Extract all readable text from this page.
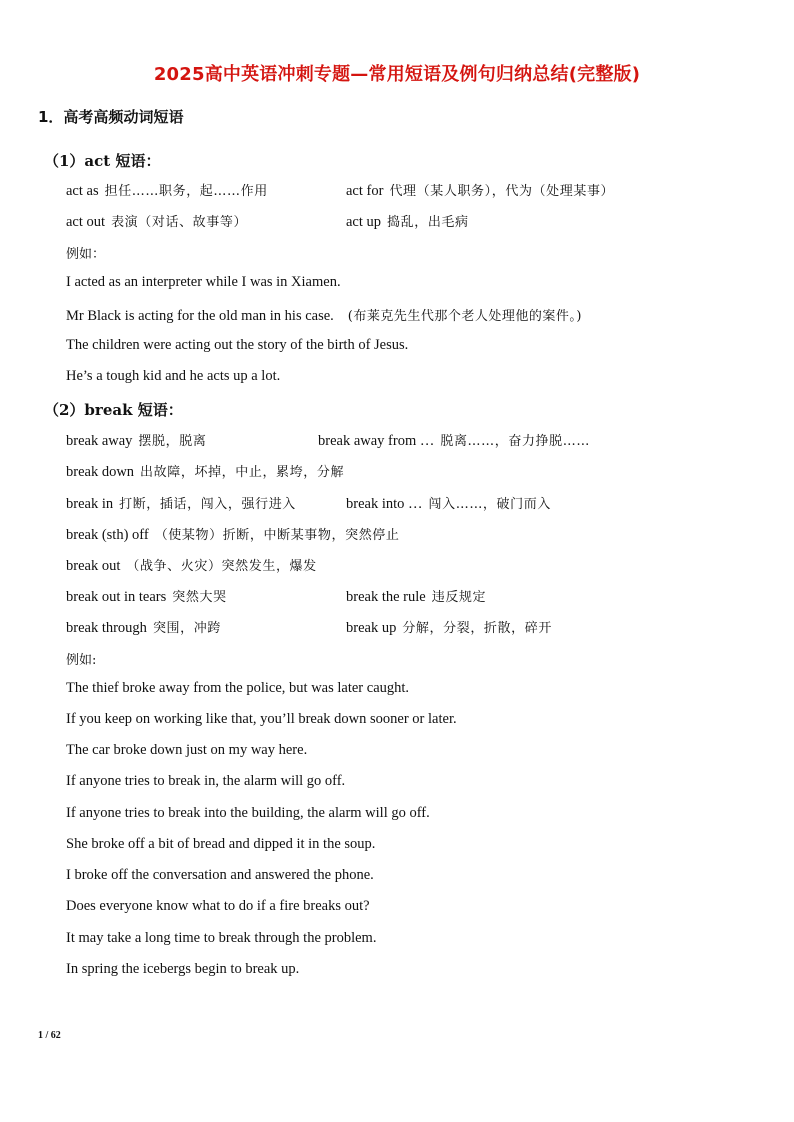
2025高中英语冲刺专题—常用短语及例句归纳总结(完整版)
1．高考高频动词短语
（1）act 短语：
act as 担任……职务，起……作用	act for 代理（某人职务），代为（处理某事）
act out 表演（对话、故事等）	act up 捣乱，出毛病
例如：
I acted as an interpreter while I was in Xiamen.
Mr Black is acting for the old man in his case. (布莱克先生代那个老人处理他的案件。)
The children were acting out the story of the birth of Jesus.
He’s a tough kid and he acts up a lot.
（2）break 短语：
break away 摆脱，脱离	break away from … 脱离……，奋力挣脱……
break down 出故障，坏掉，中止，累垮，分解
break in 打断，插话，闯入，强行进入	break into … 闯入……，破门而入
break (sth) off （使某物）折断，中断某事物，突然停止
break out （战争、火灾）突然发生，爆发
break out in tears 突然大哭	break the rule 违反规定
break through 突围，冲跨	break up 分解，分裂，折散，碎开
例如:
The thief broke away from the police, but was later caught.
If you keep on working like that, you’ll break down sooner or later.
The car broke down just on my way here.
If anyone tries to break in, the alarm will go off.
If anyone tries to break into the building, the alarm will go off.
She broke off a bit of bread and dipped it in the soup.
I broke off the conversation and answered the phone.
Does everyone know what to do if a fire breaks out?
It may take a long time to break through the problem.
In spring the icebergs begin to break up.
1 / 62
